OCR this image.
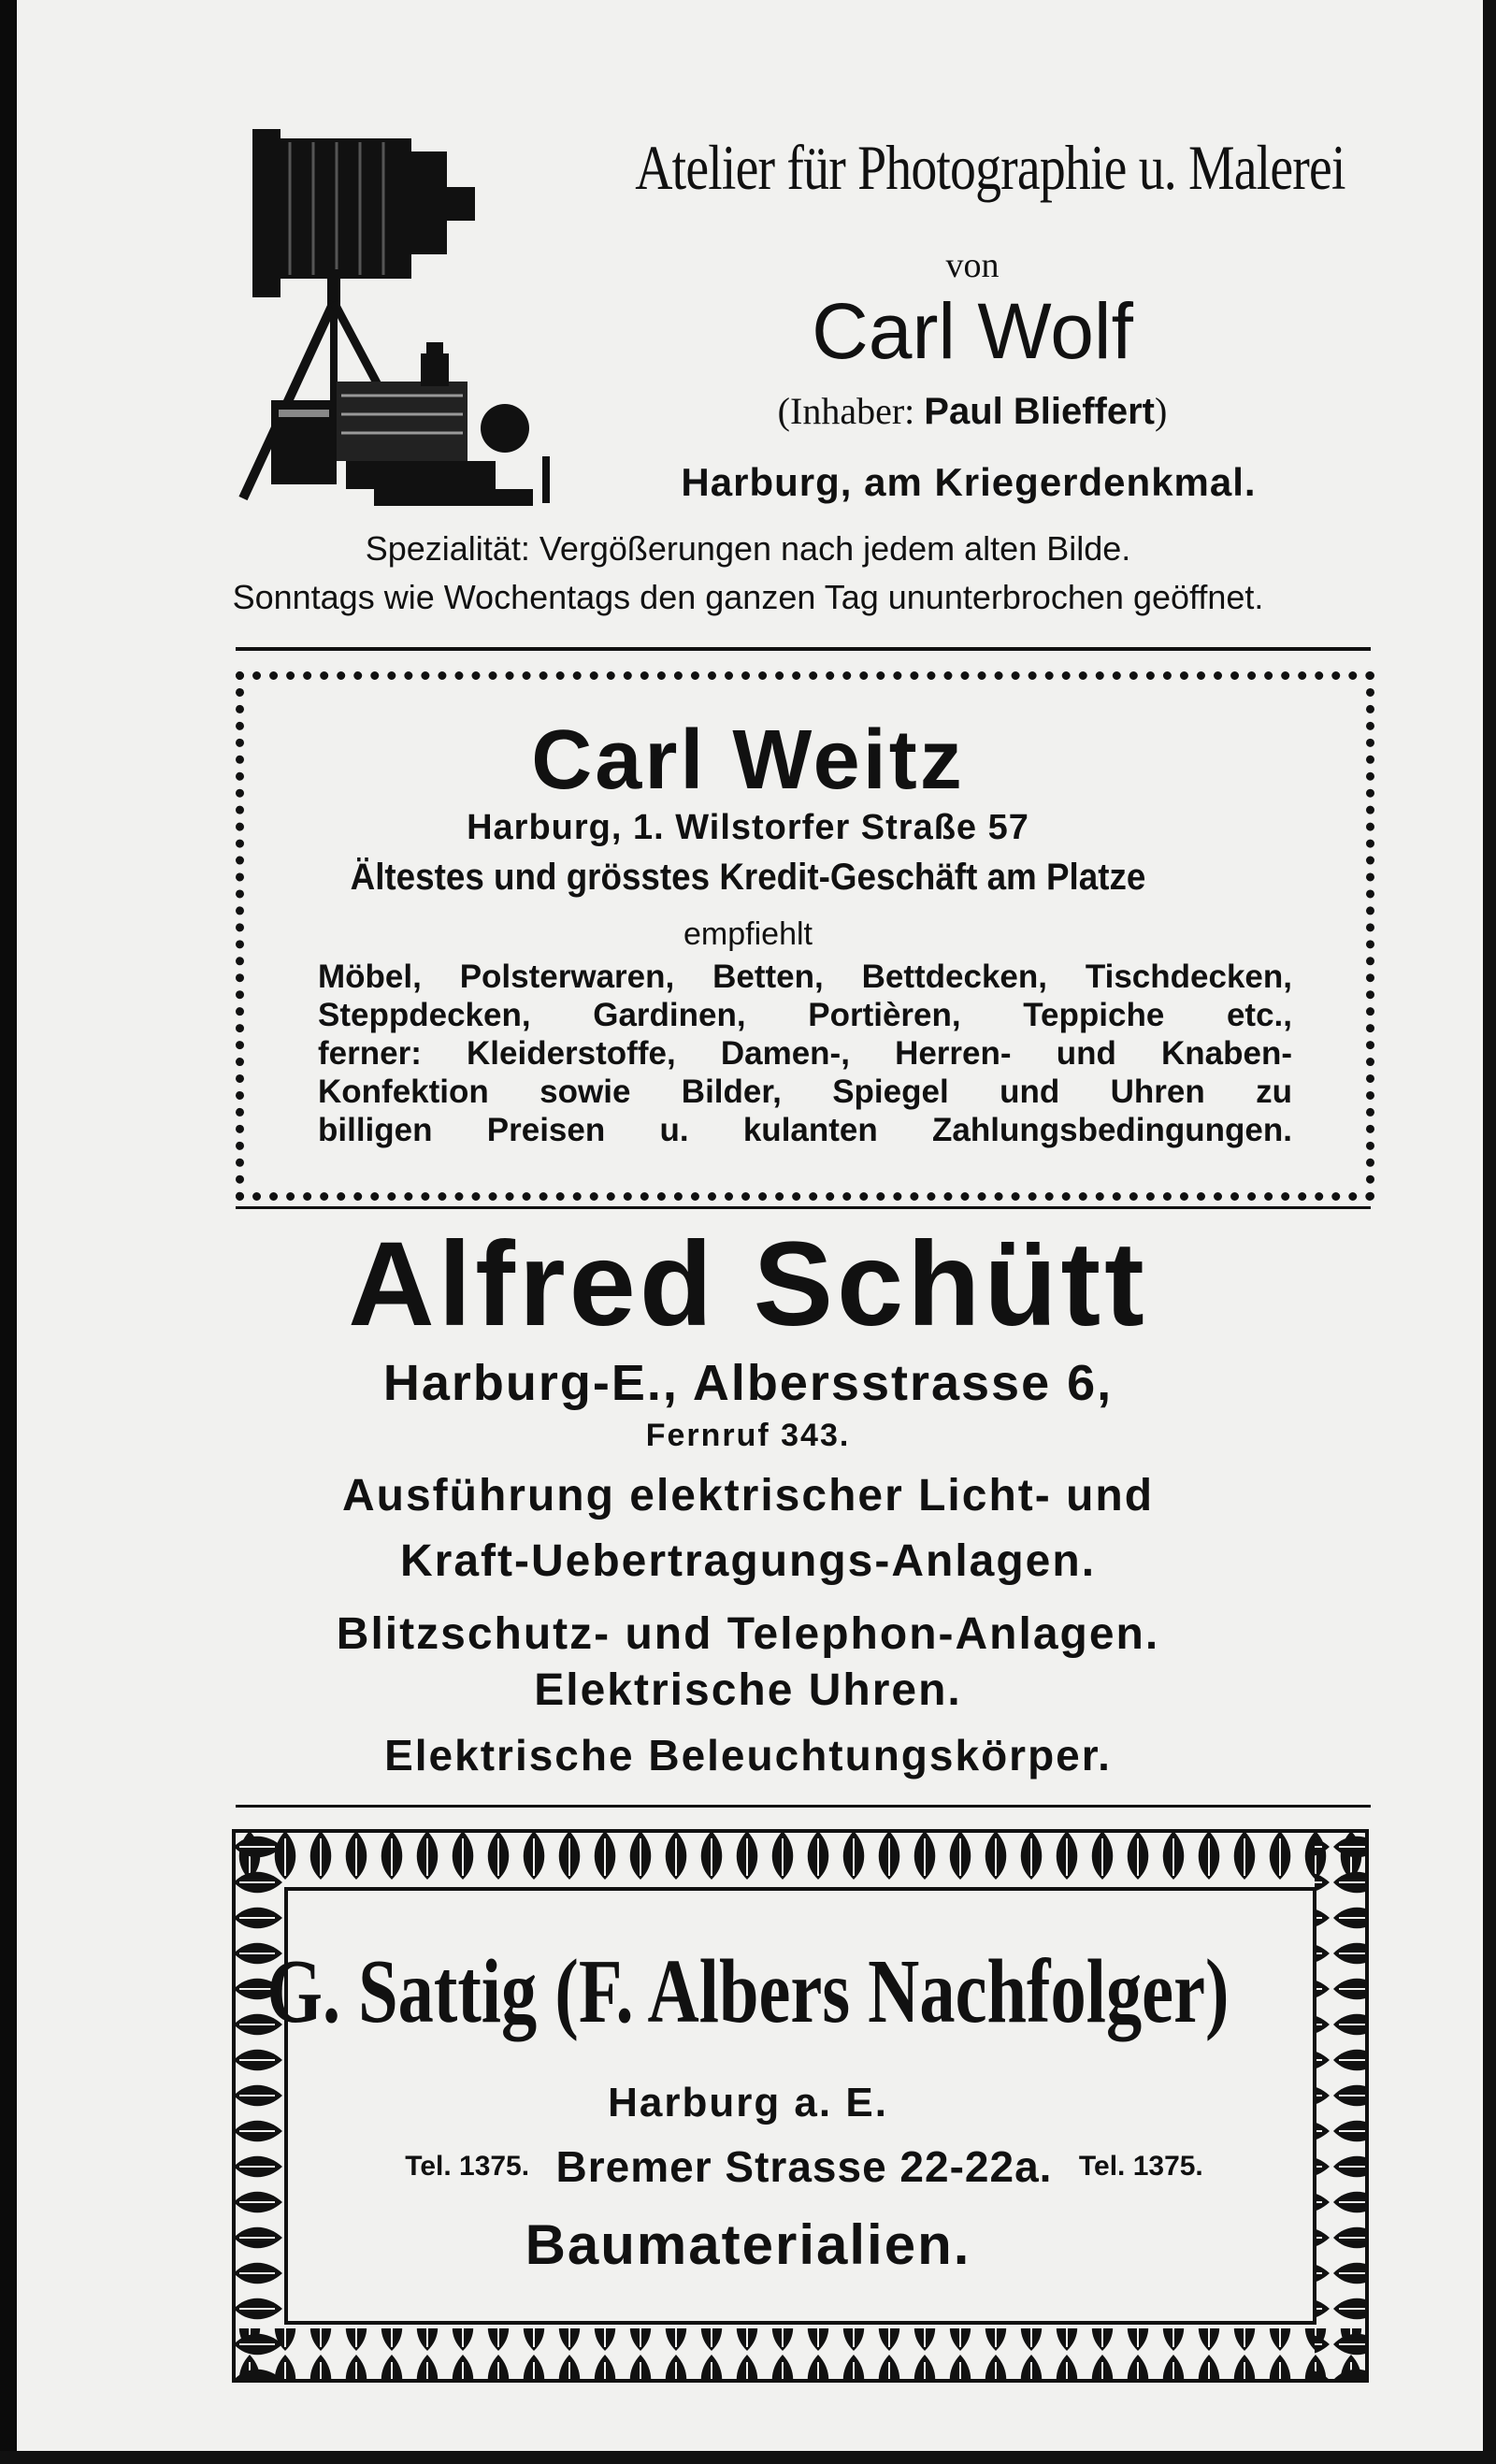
Atelier für Photographie u. Malerei
von
Carl Wolf
(Inhaber: Paul Blieffert)
Harburg, am Kriegerdenkmal.
Spezialität: Vergößerungen nach jedem alten Bilde.
Sonntags wie Wochentags den ganzen Tag ununterbrochen geöffnet.
Carl Weitz
Harburg, 1. Wilstorfer Straße 57
Ältestes und grösstes Kredit-Geschäft am Platze
empfiehlt
Möbel, Polsterwaren, Betten, Bettdecken, Tischdecken,
Steppdecken, Gardinen, Portièren, Teppiche etc.,
ferner: Kleiderstoffe, Damen-, Herren- und Knaben-
Konfektion sowie Bilder, Spiegel und Uhren zu
billigen Preisen u. kulanten Zahlungsbedingungen.
Alfred Schütt
Harburg-E., Albersstrasse 6,
Fernruf 343.
Ausführung elektrischer Licht- und
Kraft-Uebertragungs-Anlagen.
Blitzschutz- und Telephon-Anlagen.
Elektrische Uhren.
Elektrische Beleuchtungskörper.
G. Sattig (F. Albers Nachfolger)
Harburg a. E.
Tel. 1375. Bremer Strasse 22-22a. Tel. 1375.
Baumaterialien.
